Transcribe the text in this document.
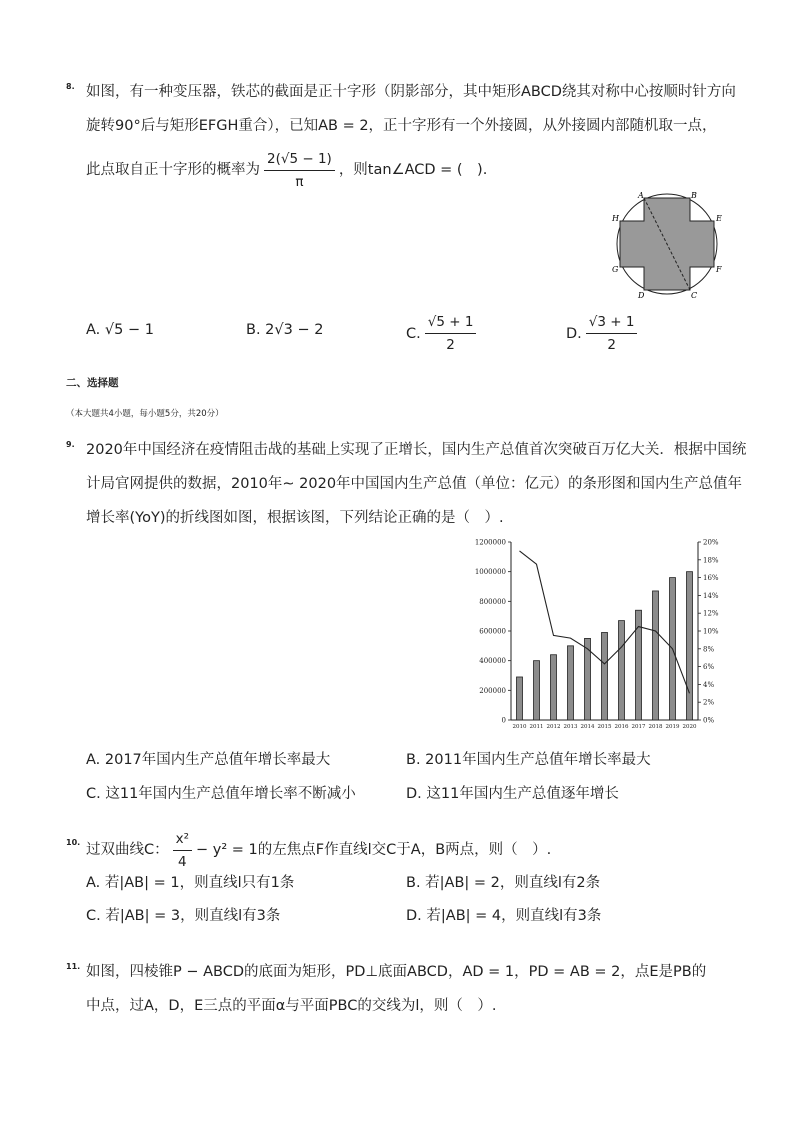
8. 如图，有一种变压器，铁芯的截面是正十字形（阴影部分，其中矩形ABCD绕其对称中心按顺时针方向
旋转90°后与矩形EFGH重合），已知AB = 2，正十字形有一个外接圆，从外接圆内部随机取一点，
此点取自正十字形的概率为 $\frac{2(√5 - 1)}{\pi}$ ，则tan∠ACD = (　).
A	B
C
D
E
F
G
H
A. √5 − 1	B. 2√3 − 2	C. $\frac{√5 + 1}{2}$	D. $\frac{√3 + 1}{2}$
二、选择题
（本大题共4小题，每小题5分，共20分）
9. 2020年中国经济在疫情阻击战的基础上实现了正增长，国内生产总值首次突破百万亿大关．根据中国统
计局官网提供的数据，2010年∼ 2020年中国国内生产总值（单位：亿元）的条形图和国内生产总值年
增长率(YoY)的折线图如图，根据该图，下列结论正确的是（　）.
0
200000
400000
600000
800000
1000000
1200000
0%
2%
4%
6%
8%
10%
12%
14%
16%
18%
20%
2010 2011 2012 2013 2014 2015 2016 2017 2018 2019 2020
A. 2017年国内生产总值年增长率最大	B. 2011年国内生产总值年增长率最大
C. 这11年国内生产总值年增长率不断减小	D. 这11年国内生产总值逐年增长
10. 过双曲线C： $\frac{\text{x²}}{4} - y^2 = 1$的左焦点F作直线l交C于A，B两点，则（　）.
A. 若|AB| = 1，则直线l只有1条	B. 若|AB| = 2，则直线l有2条
C. 若|AB| = 3，则直线l有3条	D. 若|AB| = 4，则直线l有3条
11. 如图，四棱锥P − ABCD的底面为矩形，PD⊥底面ABCD，AD = 1，PD = AB = 2，点E是PB的
中点，过A，D，E三点的平面α与平面PBC的交线为l，则（　）.
